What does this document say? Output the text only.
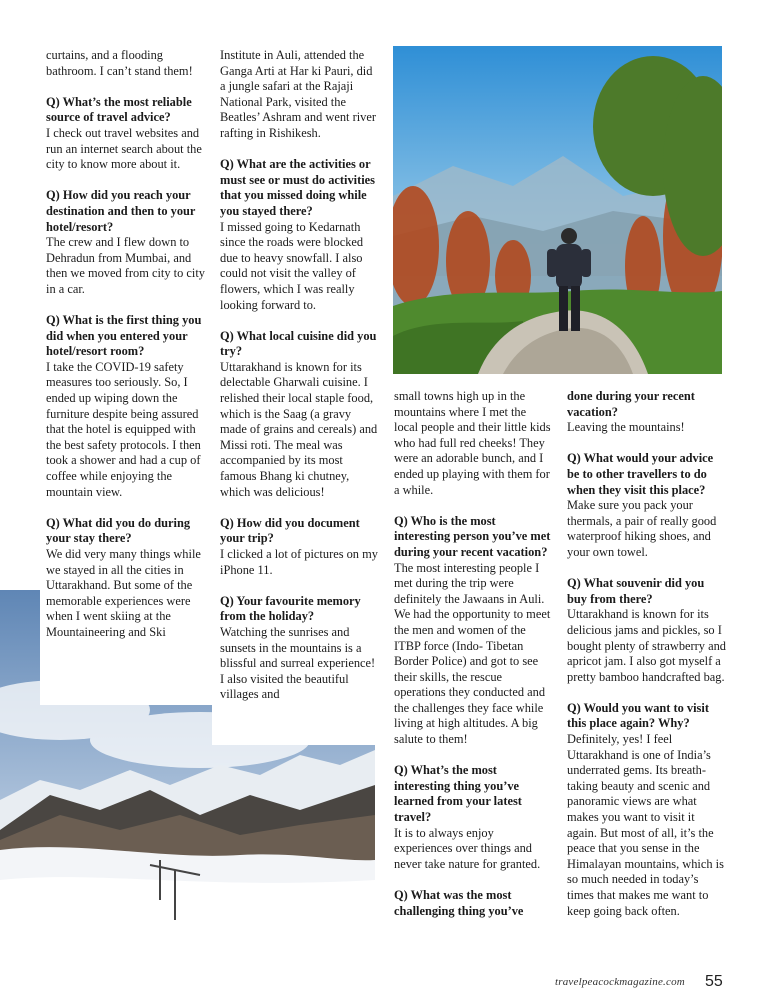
curtains, and a flooding bathroom. I can’t stand them!

Q) What’s the most reliable source of travel advice?
I check out travel websites and run an internet search about the city to know more about it.

Q) How did you reach your destination and then to your hotel/resort?
The crew and I flew down to Dehradun from Mumbai, and then we moved from city to city in a car.

Q) What is the first thing you did when you entered your hotel/resort room?
I take the COVID-19 safety measures too seriously. So, I ended up wiping down the furniture despite being assured that the hotel is equipped with the best safety protocols. I then took a shower and had a cup of coffee while enjoying the mountain view.

Q) What did you do during your stay there?
We did very many things while we stayed in all the cities in Uttarakhand. But some of the memorable experiences were when I went skiing at the Mountaineering and Ski

Institute in Auli, attended the Ganga Arti at Har ki Pauri, did a jungle safari at the Rajaji National Park, visited the Beatles’ Ashram and went river rafting in Rishikesh.

Q) What are the activities or must see or must do activities that you missed doing while you stayed there?
I missed going to Kedarnath since the roads were blocked due to heavy snowfall. I also could not visit the valley of flowers, which I was really looking forward to.

Q) What local cuisine did you try?
Uttarakhand is known for its delectable Gharwali cuisine. I relished their local staple food, which is the Saag (a gravy made of grains and cereals) and Missi roti. The meal was accompanied by its most famous Bhang ki chutney, which was delicious!

Q) How did you document your trip?
I clicked a lot of pictures on my iPhone 11.

Q) Your favourite memory from the holiday?
Watching the sunrises and sunsets in the mountains is a blissful and surreal experience! I also visited the beautiful villages and

small towns high up in the mountains where I met the local people and their little kids who had full red cheeks! They were an adorable bunch, and I ended up playing with them for a while.

Q) Who is the most interesting person you’ve met during your recent vacation?
The most interesting people I met during the trip were definitely the Jawaans in Auli. We had the opportunity to meet the men and women of the ITBP force (Indo- Tibetan Border Police) and got to see their skills, the rescue operations they conducted and the challenges they face while living at high altitudes. A big salute to them!

Q) What’s the most interesting thing you’ve learned from your latest travel?
It is to always enjoy experiences over things and never take nature for granted.

Q) What was the most challenging thing you’ve

done during your recent vacation?
Leaving the mountains!

Q) What would your advice be to other travellers to do when they visit this place?
Make sure you pack your thermals, a pair of really good waterproof hiking shoes, and your own towel.

Q) What souvenir did you buy from there?
Uttarakhand is known for its delicious jams and pickles, so I bought plenty of strawberry and apricot jam. I also got myself a pretty bamboo handcrafted bag.

Q) Would you want to visit this place again? Why?
Definitely, yes! I feel Uttarakhand is one of India’s underrated gems. Its breath-taking beauty and scenic and panoramic views are what makes you want to visit it again. But most of all, it’s the peace that you sense in the Himalayan mountains, which is so much needed in today’s times that makes me want to keep going back often.

travelpeacockmagazine.com 55
